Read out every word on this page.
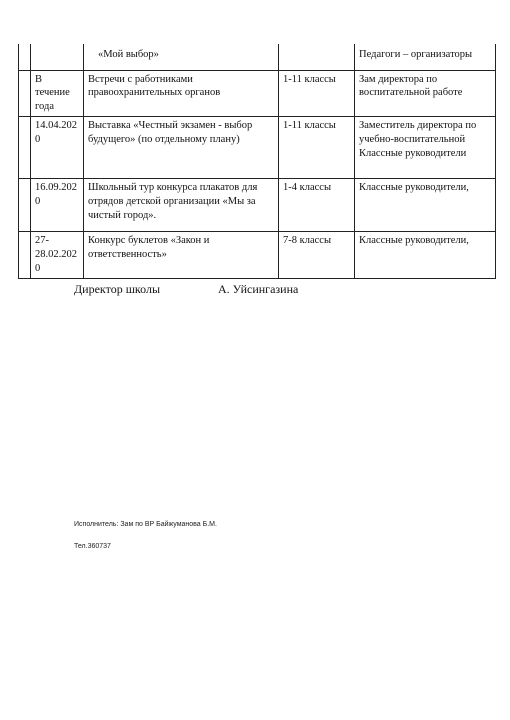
		«Мой выбор»		Педагоги – организаторы
	В течение года	Встречи с работниками правоохранительных органов	1-11 классы	Зам директора по воспитательной работе
	14.04.2020	Выставка «Честный экзамен - выбор будущего» (по отдельному плану)	1-11 классы	Заместитель директора по учебно-воспитательной Классные руководители
	16.09.2020	Школьный тур конкурса плакатов для отрядов детской организации «Мы за чистый город».	1-4 классы	Классные руководители,
	27-28.02.2020	Конкурс буклетов «Закон и ответственность»	7-8 классы	Классные руководители,
Директор школы	А. Уйсингазина
Исполнитель: Зам по ВР Байжуманова Б.М.
Тел.360737
